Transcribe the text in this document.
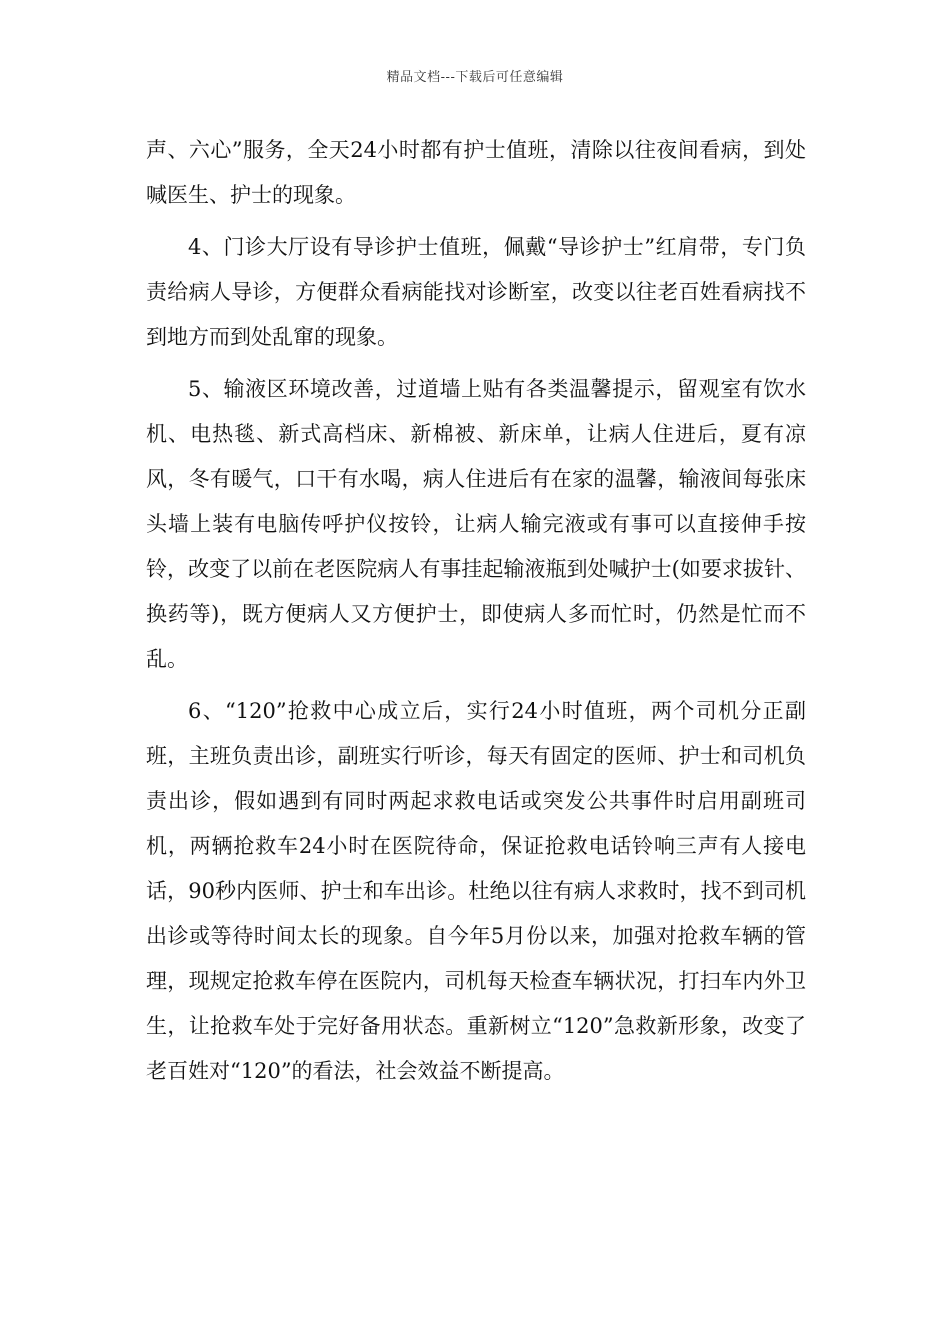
精品文档---下载后可任意编辑

声、六心”服务，全天24小时都有护士值班，清除以往夜间看病，到处喊医生、护士的现象。

4、门诊大厅设有导诊护士值班，佩戴“导诊护士”红肩带，专门负责给病人导诊，方便群众看病能找对诊断室，改变以往老百姓看病找不到地方而到处乱窜的现象。

5、输液区环境改善，过道墙上贴有各类温馨提示，留观室有饮水机、电热毯、新式高档床、新棉被、新床单，让病人住进后，夏有凉风，冬有暖气，口干有水喝，病人住进后有在家的温馨，输液间每张床头墙上装有电脑传呼护仪按铃，让病人输完液或有事可以直接伸手按铃，改变了以前在老医院病人有事挂起输液瓶到处喊护士(如要求拔针、换药等)，既方便病人又方便护士，即使病人多而忙时，仍然是忙而不乱。

6、“120”抢救中心成立后，实行24小时值班，两个司机分正副班，主班负责出诊，副班实行听诊，每天有固定的医师、护士和司机负责出诊，假如遇到有同时两起求救电话或突发公共事件时启用副班司机，两辆抢救车24小时在医院待命，保证抢救电话铃响三声有人接电话，90秒内医师、护士和车出诊。杜绝以往有病人求救时，找不到司机出诊或等待时间太长的现象。自今年5月份以来，加强对抢救车辆的管理，现规定抢救车停在医院内，司机每天检查车辆状况，打扫车内外卫生，让抢救车处于完好备用状态。重新树立“120”急救新形象，改变了老百姓对“120”的看法，社会效益不断提高。
